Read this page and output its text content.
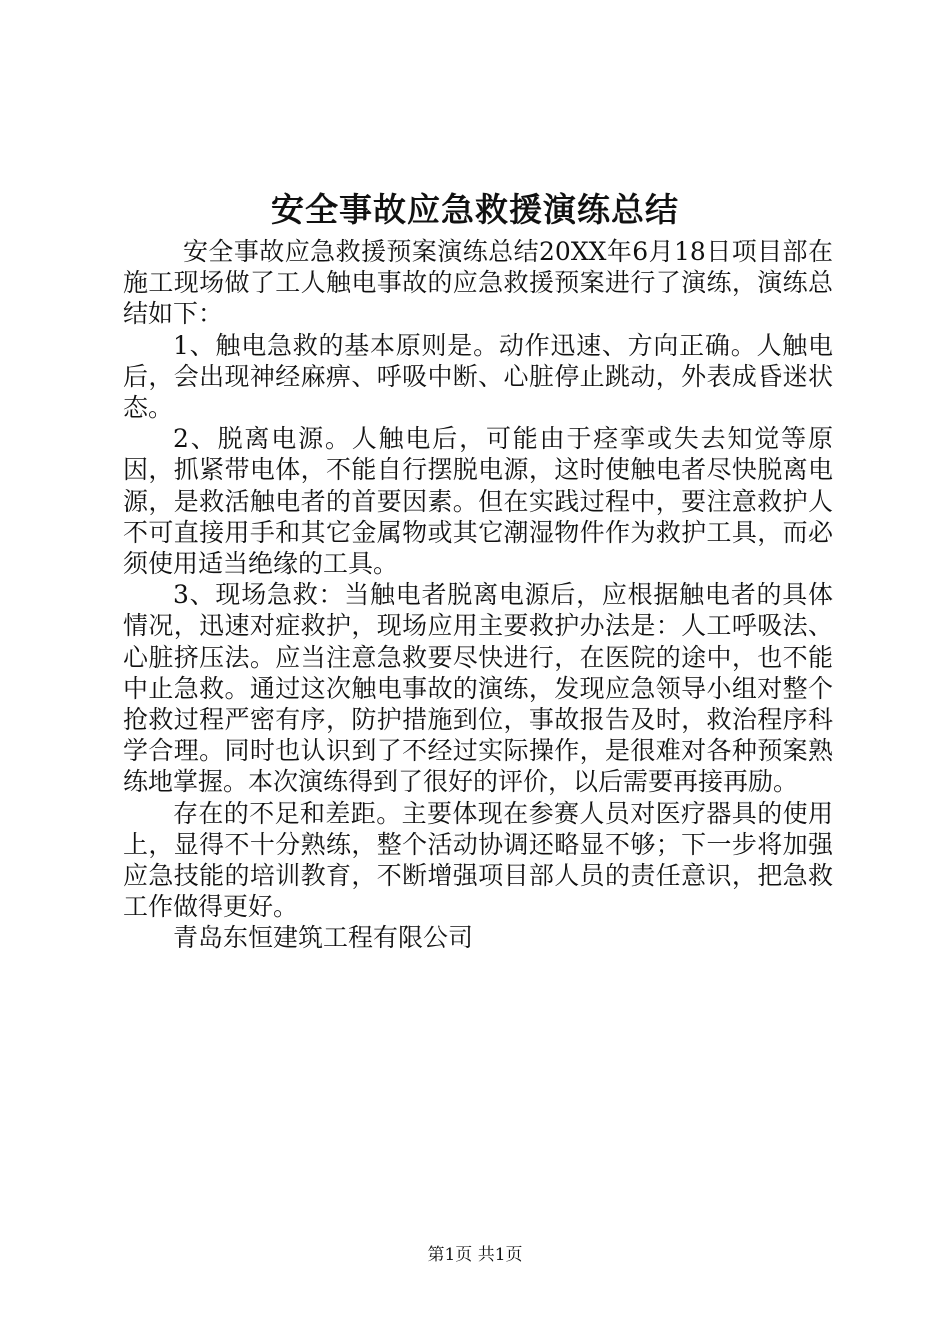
安全事故应急救援演练总结

安全事故应急救援预案演练总结20XX年6月18日项目部在施工现场做了工人触电事故的应急救援预案进行了演练，演练总结如下：

1、触电急救的基本原则是。动作迅速、方向正确。人触电后，会出现神经麻痹、呼吸中断、心脏停止跳动，外表成昏迷状态。

2、脱离电源。人触电后，可能由于痉挛或失去知觉等原因，抓紧带电体，不能自行摆脱电源，这时使触电者尽快脱离电源，是救活触电者的首要因素。但在实践过程中，要注意救护人不可直接用手和其它金属物或其它潮湿物件作为救护工具，而必须使用适当绝缘的工具。

3、现场急救：当触电者脱离电源后，应根据触电者的具体情况，迅速对症救护，现场应用主要救护办法是：人工呼吸法、心脏挤压法。应当注意急救要尽快进行，在医院的途中，也不能中止急救。通过这次触电事故的演练，发现应急领导小组对整个抢救过程严密有序，防护措施到位，事故报告及时，救治程序科学合理。同时也认识到了不经过实际操作，是很难对各种预案熟练地掌握。本次演练得到了很好的评价，以后需要再接再励。

存在的不足和差距。主要体现在参赛人员对医疗器具的使用上，显得不十分熟练，整个活动协调还略显不够；下一步将加强应急技能的培训教育，不断增强项目部人员的责任意识，把急救工作做得更好。

青岛东恒建筑工程有限公司

第1页 共1页
